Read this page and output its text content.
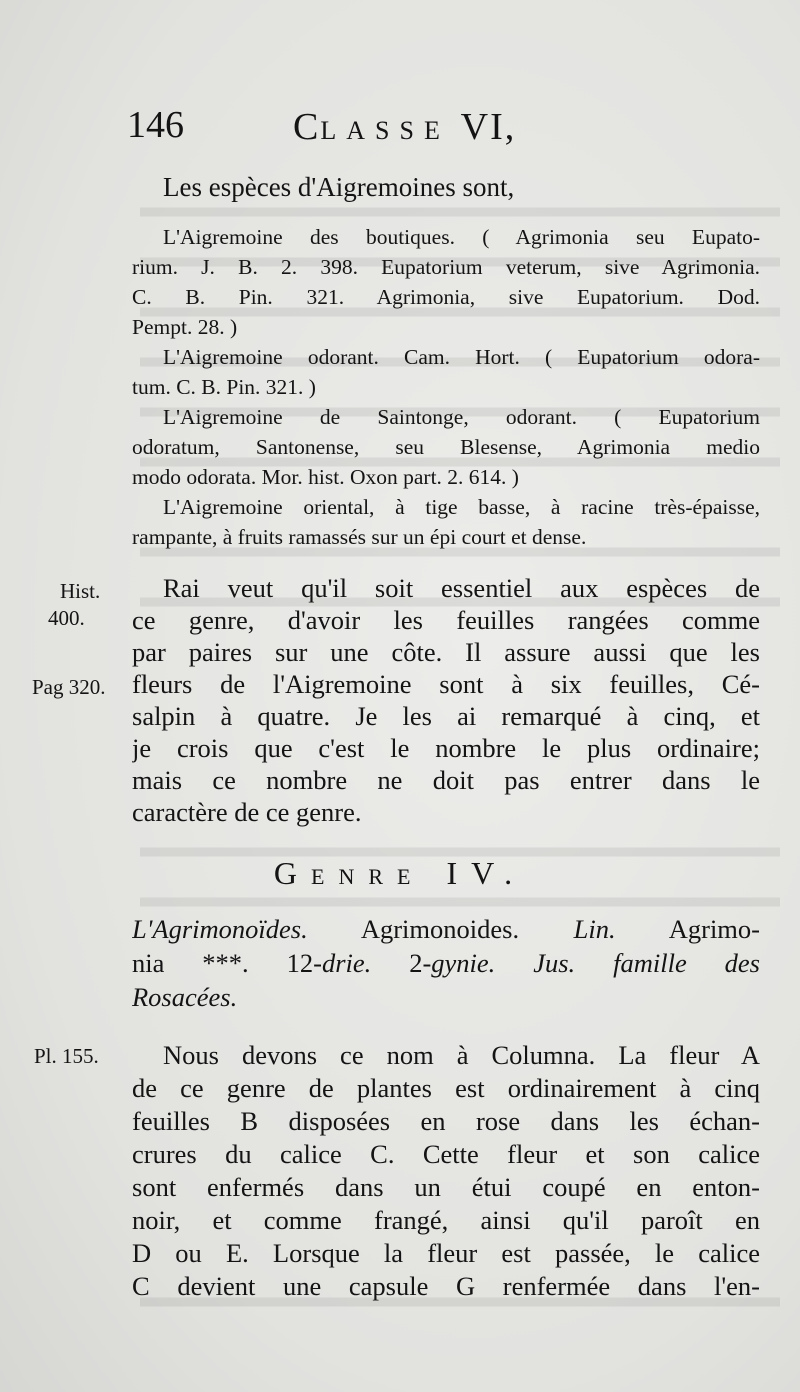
146	CLASSE VI,
Les espèces d'Aigremoines sont,
L'Aigremoine des boutiques. ( Agrimonia seu Eupato-
rium. J. B. 2. 398. Eupatorium veterum, sive Agrimonia.
C. B. Pin. 321. Agrimonia, sive Eupatorium. Dod.
Pempt. 28. )
L'Aigremoine odorant. Cam. Hort. ( Eupatorium odora-
tum. C. B. Pin. 321. )
L'Aigremoine de Saintonge, odorant. ( Eupatorium
odoratum, Santonense, seu Blesense, Agrimonia medio
modo odorata. Mor. hist. Oxon part. 2. 614. )
L'Aigremoine oriental, à tige basse, à racine très-épaisse,
rampante, à fruits ramassés sur un épi court et dense.
Hist.
400.
Pag 320.
Pl. 155.
Rai veut qu'il soit essentiel aux espèces de
ce genre, d'avoir les feuilles rangées comme
par paires sur une côte. Il assure aussi que les
fleurs de l'Aigremoine sont à six feuilles, Cé-
salpin à quatre. Je les ai remarqué à cinq, et
je crois que c'est le nombre le plus ordinaire;
mais ce nombre ne doit pas entrer dans le
caractère de ce genre.
GENRE IV.
L'Agrimonoïdes. Agrimonoides. Lin. Agrimo-
nia ***. 12-drie. 2-gynie. Jus. famille des
Rosacées.
Nous devons ce nom à Columna. La fleur A
de ce genre de plantes est ordinairement à cinq
feuilles B disposées en rose dans les échan-
crures du calice C. Cette fleur et son calice
sont enfermés dans un étui coupé en enton-
noir, et comme frangé, ainsi qu'il paroît en
D ou E. Lorsque la fleur est passée, le calice
C devient une capsule G renfermée dans l'en-
